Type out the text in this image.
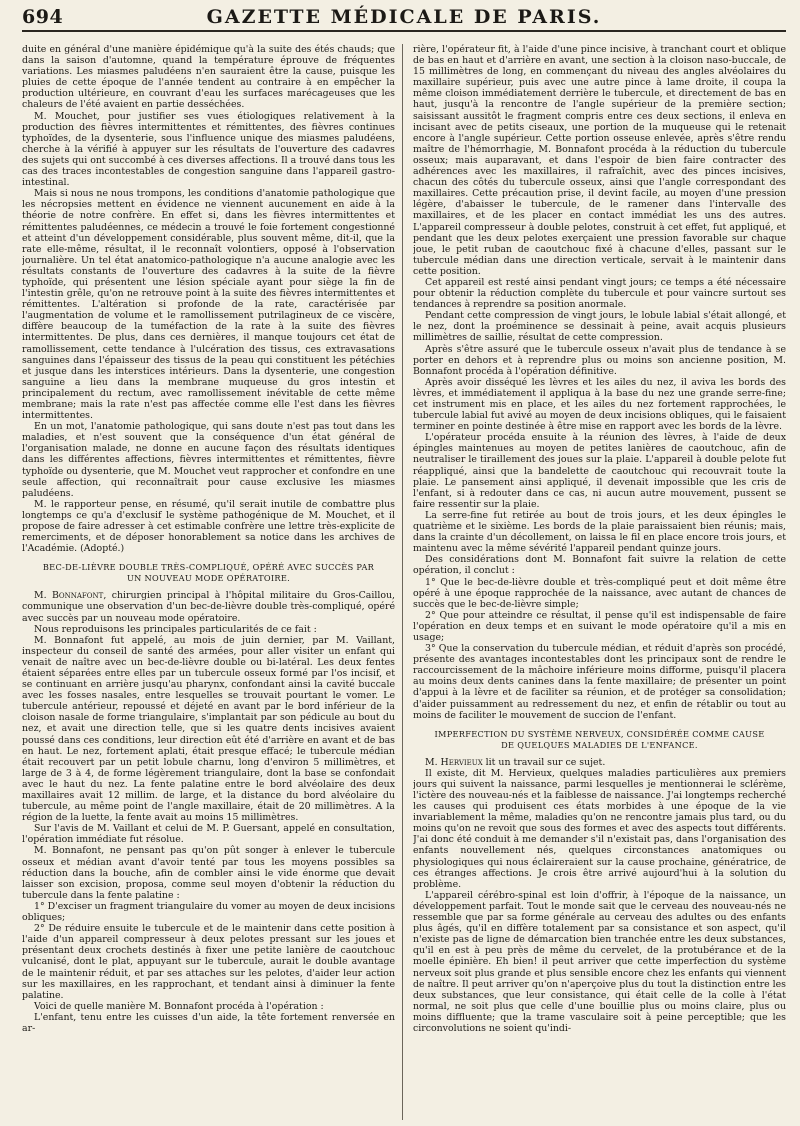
694	GAZETTE MÉDICALE DE PARIS.

duite en général d'une manière épidémique qu'à la suite des étés chauds; que dans la saison d'automne, quand la température éprouve de fréquentes variations. Les miasmes paludéens n'en sauraient être la cause, puisque les pluies de cette époque de l'année tendent au contraire à en empêcher la production ultérieure, en couvrant d'eau les surfaces marécageuses que les chaleurs de l'été avaient en partie desséchées.

M. Mouchet, pour justifier ses vues étiologiques relativement à la production des fièvres intermittentes et rémittentes, des fièvres continues typhoïdes, de la dysenterie, sous l'influence unique des miasmes paludéens, cherche à la vérifié à appuyer sur les résultats de l'ouverture des cadavres des sujets qui ont succombé à ces diverses affections. Il a trouvé dans tous les cas des traces incontestables de congestion sanguine dans l'appareil gastro-intestinal.

Mais si nous ne nous trompons, les conditions d'anatomie pathologique que les nécropsies mettent en évidence ne viennent aucunement en aide à la théorie de notre confrère. En effet si, dans les fièvres intermittentes et rémittentes paludéennes, ce médecin a trouvé le foie fortement congestionné et atteint d'un développement considérable, plus souvent même, dit-il, que la rate elle-même, résultat, il le reconnaît volontiers, opposé à l'observation journalière. Un tel état anatomico-pathologique n'a aucune analogie avec les résultats constants de l'ouverture des cadavres à la suite de la fièvre typhoïde, qui présentent une lésion spéciale ayant pour siège la fin de l'intestin grêle, qu'on ne retrouve point à la suite des fièvres intermittentes et rémittentes. L'altération si profonde de la rate, caractérisée par l'augmentation de volume et le ramollissement putrilagineux de ce viscère, diffère beaucoup de la tuméfaction de la rate à la suite des fièvres intermittentes. De plus, dans ces dernières, il manque toujours cet état de ramollissement, cette tendance à l'ulcération des tissus, ces extravasations sanguines dans l'épaisseur des tissus de la peau qui constituent les pétéchies et jusque dans les interstices intérieurs. Dans la dysenterie, une congestion sanguine a lieu dans la membrane muqueuse du gros intestin et principalement du rectum, avec ramollissement inévitable de cette même membrane; mais la rate n'est pas affectée comme elle l'est dans les fièvres intermittentes.

En un mot, l'anatomie pathologique, qui sans doute n'est pas tout dans les maladies, et n'est souvent que la conséquence d'un état général de l'organisation malade, ne donne en aucune façon des résultats identiques dans les différentes affections, fièvres intermittentes et rémittentes, fièvre typhoïde ou dysenterie, que M. Mouchet veut rapprocher et confondre en une seule affection, qui reconnaîtrait pour cause exclusive les miasmes paludéens.

M. le rapporteur pense, en résumé, qu'il serait inutile de combattre plus longtemps ce qu'a d'exclusif le système pathogénique de M. Mouchet, et il propose de faire adresser à cet estimable confrère une lettre très-explicite de remerciments, et de déposer honorablement sa notice dans les archives de l'Académie. (Adopté.)

BEC-DE-LIÈVRE DOUBLE TRÈS-COMPLIQUÉ, OPÉRÉ AVEC SUCCÈS PAR UN NOUVEAU MODE OPÉRATOIRE.

M. Bonnafont, chirurgien principal à l'hôpital militaire du Gros-Caillou, communique une observation d'un bec-de-lièvre double très-compliqué, opéré avec succès par un nouveau mode opératoire.

Nous reproduisons les principales particularités de ce fait :

M. Bonnafont fut appelé, au mois de juin dernier, par M. Vaillant, inspecteur du conseil de santé des armées, pour aller visiter un enfant qui venait de naître avec un bec-de-lièvre double ou bi-latéral. Les deux fentes étaient séparées entre elles par un tubercule osseux formé par l'os incisif, et se continuant en arrière jusqu'au pharynx, confondant ainsi la cavité buccale avec les fosses nasales, entre lesquelles se trouvait pourtant le vomer. Le tubercule antérieur, repoussé et déjeté en avant par le bord inférieur de la cloison nasale de forme triangulaire, s'implantait par son pédicule au bout du nez, et avait une direction telle, que si les quatre dents incisives avaient poussé dans ces conditions, leur direction eût été d'arrière en avant et de bas en haut. Le nez, fortement aplati, était presque effacé; le tubercule médian était recouvert par un petit lobule charnu, long d'environ 5 millimètres, et large de 3 à 4, de forme légèrement triangulaire, dont la base se confondait avec le haut du nez. La fente palatine entre le bord alvéolaire des deux maxillaires avait 12 millim. de large, et la distance du bord alvéolaire du tubercule, au même point de l'angle maxillaire, était de 20 millimètres. A la région de la luette, la fente avait au moins 15 millimètres.

Sur l'avis de M. Vaillant et celui de M. P. Guersant, appelé en consultation, l'opération immédiate fut résolue.

M. Bonnafont, ne pensant pas qu'on pût songer à enlever le tubercule osseux et médian avant d'avoir tenté par tous les moyens possibles sa réduction dans la bouche, afin de combler ainsi le vide énorme que devait laisser son excision, proposa, comme seul moyen d'obtenir la réduction du tubercule dans la fente palatine :

1° D'exciser un fragment triangulaire du vomer au moyen de deux incisions obliques;

2° De réduire ensuite le tubercule et de le maintenir dans cette position à l'aide d'un appareil compresseur à deux pelotes pressant sur les joues et présentant deux crochets destinés à fixer une petite lanière de caoutchouc vulcanisé, dont le plat, appuyant sur le tubercule, aurait le double avantage de le maintenir réduit, et par ses attaches sur les pelotes, d'aider leur action sur les maxillaires, en les rapprochant, et tendant ainsi à diminuer la fente palatine.

Voici de quelle manière M. Bonnafont procéda à l'opération :

L'enfant, tenu entre les cuisses d'un aide, la tête fortement renversée en ar-

rière, l'opérateur fit, à l'aide d'une pince incisive, à tranchant court et oblique de bas en haut et d'arrière en avant, une section à la cloison naso-buccale, de 15 millimètres de long, en commençant du niveau des angles alvéolaires du maxillaire supérieur, puis avec une autre pince à lame droite, il coupa la même cloison immédiatement derrière le tubercule, et directement de bas en haut, jusqu'à la rencontre de l'angle supérieur de la première section; saisissant aussitôt le fragment compris entre ces deux sections, il enleva en incisant avec de petits ciseaux, une portion de la muqueuse qui le retenait encore à l'angle supérieur. Cette portion osseuse enlevée, après s'être rendu maître de l'hémorrhagie, M. Bonnafont procéda à la réduction du tubercule osseux; mais auparavant, et dans l'espoir de bien faire contracter des adhérences avec les maxillaires, il rafraîchit, avec des pinces incisives, chacun des côtés du tubercule osseux, ainsi que l'angle correspondant des maxillaires. Cette précaution prise, il devint facile, au moyen d'une pression légère, d'abaisser le tubercule, de le ramener dans l'intervalle des maxillaires, et de les placer en contact immédiat les uns des autres. L'appareil compresseur à double pelotes, construit à cet effet, fut appliqué, et pendant que les deux pelotes exerçaient une pression favorable sur chaque joue, le petit ruban de caoutchouc fixé à chacune d'elles, passant sur le tubercule médian dans une direction verticale, servait à le maintenir dans cette position.

Cet appareil est resté ainsi pendant vingt jours; ce temps a été nécessaire pour obtenir la réduction complète du tubercule et pour vaincre surtout ses tendances à reprendre sa position anormale.

Pendant cette compression de vingt jours, le lobule labial s'était allongé, et le nez, dont la proéminence se dessinait à peine, avait acquis plusieurs millimètres de saillie, résultat de cette compression.

Après s'être assuré que le tubercule osseux n'avait plus de tendance à se porter en dehors et à reprendre plus ou moins son ancienne position, M. Bonnafont procéda à l'opération définitive.

Après avoir disséqué les lèvres et les ailes du nez, il aviva les bords des lèvres, et immédiatement il appliqua à la base du nez une grande serre-fine; cet instrument mis en place, et les ailes du nez fortement rapprochées, le tubercule labial fut avivé au moyen de deux incisions obliques, qui le faisaient terminer en pointe destinée à être mise en rapport avec les bords de la lèvre.

L'opérateur procéda ensuite à la réunion des lèvres, à l'aide de deux épingles maintenues au moyen de petites lanières de caoutchouc, afin de neutraliser le tiraillement des joues sur la plaie. L'appareil à double pelote fut réappliqué, ainsi que la bandelette de caoutchouc qui recouvrait toute la plaie. Le pansement ainsi appliqué, il devenait impossible que les cris de l'enfant, si à redouter dans ce cas, ni aucun autre mouvement, pussent se faire ressentir sur la plaie.

La serre-fine fut retirée au bout de trois jours, et les deux épingles le quatrième et le sixième. Les bords de la plaie paraissaient bien réunis; mais, dans la crainte d'un décollement, on laissa le fil en place encore trois jours, et maintenu avec la même sévérité l'appareil pendant quinze jours.

Des considérations dont M. Bonnafont fait suivre la relation de cette opération, il conclut :

1° Que le bec-de-lièvre double et très-compliqué peut et doit même être opéré à une époque rapprochée de la naissance, avec autant de chances de succès que le bec-de-lièvre simple;

2° Que pour atteindre ce résultat, il pense qu'il est indispensable de faire l'opération en deux temps et en suivant le mode opératoire qu'il a mis en usage;

3° Que la conservation du tubercule médian, et réduit d'après son procédé, présente des avantages incontestables dont les principaux sont de rendre le raccourcissement de la mâchoire inférieure moins difforme, puisqu'il placera au moins deux dents canines dans la fente maxillaire; de présenter un point d'appui à la lèvre et de faciliter sa réunion, et de protéger sa consolidation; d'aider puissamment au redressement du nez, et enfin de rétablir ou tout au moins de faciliter le mouvement de succion de l'enfant.

IMPERFECTION DU SYSTÈME NERVEUX, CONSIDÉRÉE COMME CAUSE DE QUELQUES MALADIES DE L'ENFANCE.

M. Hervieux lit un travail sur ce sujet.

Il existe, dit M. Hervieux, quelques maladies particulières aux premiers jours qui suivent la naissance, parmi lesquelles je mentionnerai le sclérème, l'ictère des nouveau-nés et la faiblesse de naissance. J'ai longtemps recherché les causes qui produisent ces états morbides à une époque de la vie invariablement la même, maladies qu'on ne rencontre jamais plus tard, ou du moins qu'on ne revoit que sous des formes et avec des aspects tout différents. J'ai donc été conduit à me demander s'il n'existait pas, dans l'organisation des enfants nouvellement nés, quelques circonstances anatomiques ou physiologiques qui nous éclaireraient sur la cause prochaine, génératrice, de ces étranges affections. Je crois être arrivé aujourd'hui à la solution du problème.

L'appareil cérébro-spinal est loin d'offrir, à l'époque de la naissance, un développement parfait. Tout le monde sait que le cerveau des nouveau-nés ne ressemble que par sa forme générale au cerveau des adultes ou des enfants plus âgés, qu'il en diffère totalement par sa consistance et son aspect, qu'il n'existe pas de ligne de démarcation bien tranchée entre les deux substances, qu'il en est à peu près de même du cervelet, de la protubérance et de la moelle épinière. Eh bien! il peut arriver que cette imperfection du système nerveux soit plus grande et plus sensible encore chez les enfants qui viennent de naître. Il peut arriver qu'on n'aperçoive plus du tout la distinction entre les deux substances, que leur consistance, qui était celle de la colle à l'état normal, ne soit plus que celle d'une bouillie plus ou moins claire, plus ou moins diffluente; que la trame vasculaire soit à peine perceptible; que les circonvolutions ne soient qu'indi-
